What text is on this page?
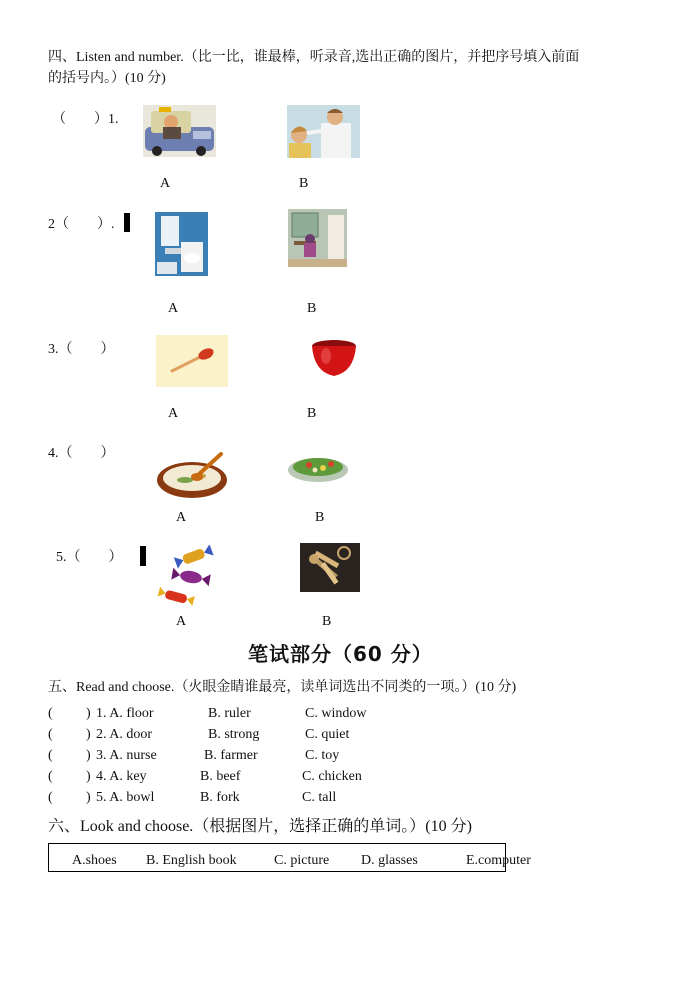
四、Listen and number.（比一比，谁最棒，听录音,选出正确的图片，并把序号填入前面
的括号内。）(10 分)
（　　）1.
A	B
2（　　）.
A	B
3.（　　）
A	B
4.（　　）
A	B
5.（　　）
A	B
笔试部分（60 分）
五、Read and choose.（火眼金睛谁最亮，读单词选出不同类的一项。）(10 分)
( ) 1. A. floor	B. ruler	C. window
( ) 2. A. door	B. strong	C. quiet
( ) 3. A. nurse	B. farmer	C. toy
( ) 4. A. key	B. beef	C. chicken
( ) 5. A. bowl	B. fork	C. tall
六、Look and choose.（根据图片，选择正确的单词。）(10 分)
A.shoes B. English book	C. picture D. glasses	E.computer
